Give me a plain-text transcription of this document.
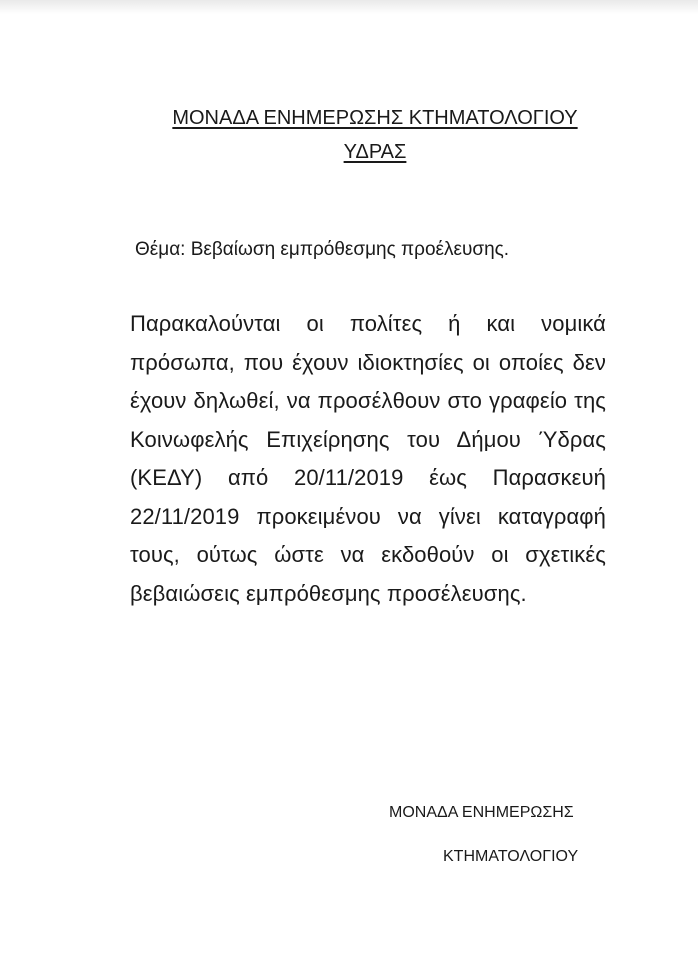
ΜΟΝΑΔΑ ΕΝΗΜΕΡΩΣΗΣ ΚΤΗΜΑΤΟΛΟΓΙΟΥ
ΥΔΡΑΣ
Θέμα: Βεβαίωση εμπρόθεσμης προέλευσης.
Παρακαλούνται οι πολίτες ή και νομικά πρόσωπα, που έχουν ιδιοκτησίες οι οποίες δεν έχουν δηλωθεί, να προσέλθουν στο γραφείο της Κοινωφελής Επιχείρησης του Δήμου Ύδρας (ΚΕΔΥ) από 20/11/2019 έως Παρασκευή 22/11/2019 προκειμένου να γίνει καταγραφή τους, ούτως ώστε να εκδοθούν οι σχετικές βεβαιώσεις εμπρόθεσμης προσέλευσης.
ΜΟΝΑΔΑ ΕΝΗΜΕΡΩΣΗΣ
ΚΤΗΜΑΤΟΛΟΓΙΟΥ
